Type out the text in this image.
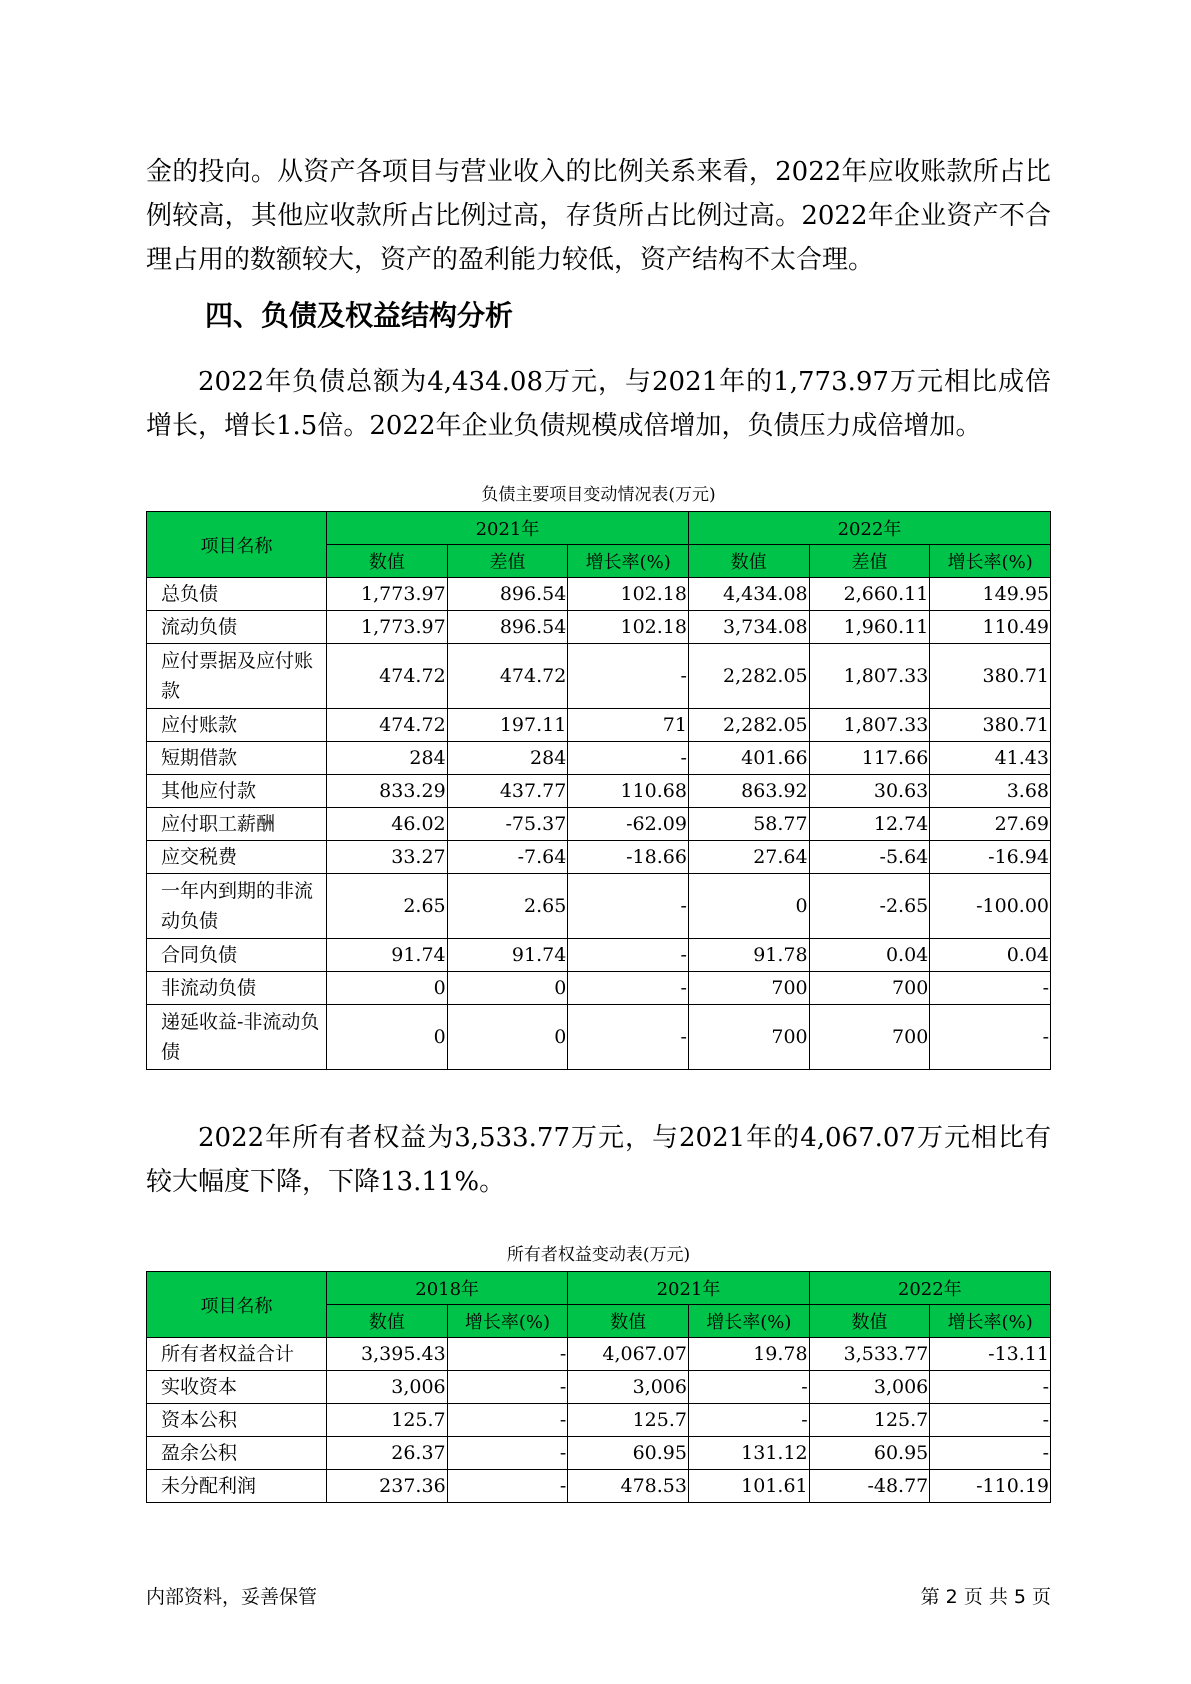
金的投向。从资产各项目与营业收入的比例关系来看，2022年应收账款所占比例较高，其他应收款所占比例过高，存货所占比例过高。2022年企业资产不合理占用的数额较大，资产的盈利能力较低，资产结构不太合理。

四、负债及权益结构分析

2022年负债总额为4,434.08万元，与2021年的1,773.97万元相比成倍增长，增长1.5倍。2022年企业负债规模成倍增加，负债压力成倍增加。

负债主要项目变动情况表(万元)
项目名称	2021年			2022年		
	数值	差值	增长率(%)	数值	差值	增长率(%)
总负债	1,773.97	896.54	102.18	4,434.08	2,660.11	149.95
流动负债	1,773.97	896.54	102.18	3,734.08	1,960.11	110.49
应付票据及应付账款	474.72	474.72	-	2,282.05	1,807.33	380.71
应付账款	474.72	197.11	71	2,282.05	1,807.33	380.71
短期借款	284	284	-	401.66	117.66	41.43
其他应付款	833.29	437.77	110.68	863.92	30.63	3.68
应付职工薪酬	46.02	-75.37	-62.09	58.77	12.74	27.69
应交税费	33.27	-7.64	-18.66	27.64	-5.64	-16.94
一年内到期的非流动负债	2.65	2.65	-	0	-2.65	-100.00
合同负债	91.74	91.74	-	91.78	0.04	0.04
非流动负债	0	0	-	700	700	-
递延收益-非流动负债	0	0	-	700	700	-

2022年所有者权益为3,533.77万元，与2021年的4,067.07万元相比有较大幅度下降，下降13.11%。

所有者权益变动表(万元)
项目名称	2018年		2021年		2022年	
	数值	增长率(%)	数值	增长率(%)	数值	增长率(%)
所有者权益合计	3,395.43	-	4,067.07	19.78	3,533.77	-13.11
实收资本	3,006	-	3,006	-	3,006	-
资本公积	125.7	-	125.7	-	125.7	-
盈余公积	26.37	-	60.95	131.12	60.95	-
未分配利润	237.36	-	478.53	101.61	-48.77	-110.19
内部资料，妥善保管	第 2 页 共 5 页
